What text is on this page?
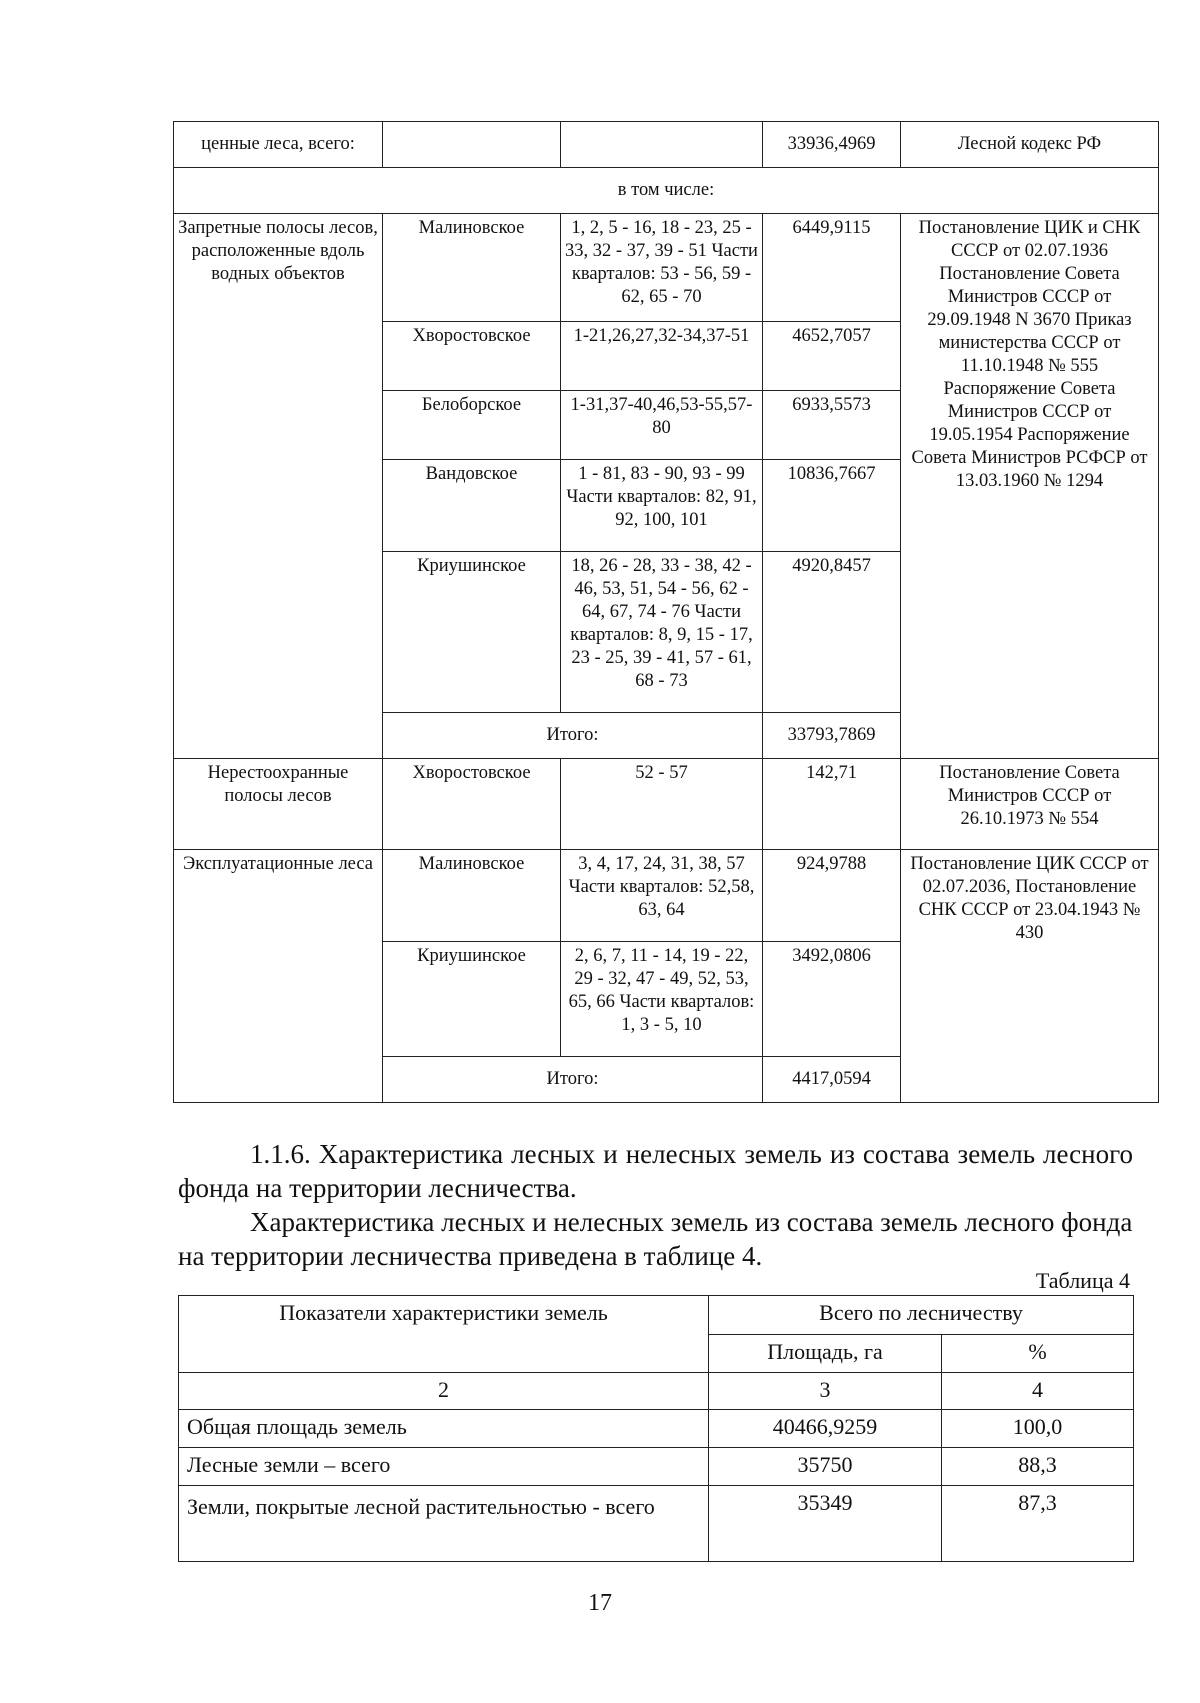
ценные леса, всего:			33936,4969	Лесной кодекс РФ
в том числе:				
Запретные полосы лесов, расположенные вдоль водных объектов	Малиновское	1, 2, 5 - 16, 18 - 23, 25 - 33, 32 - 37, 39 - 51 Части кварталов: 53 - 56, 59 - 62, 65 - 70	6449,9115	Постановление ЦИК и СНК СССР от 02.07.1936 Постановление Совета Министров СССР от 29.09.1948 N 3670 Приказ министерства СССР от 11.10.1948 № 555 Распоряжение Совета Министров СССР от 19.05.1954 Распоряжение Совета Министров РСФСР от 13.03.1960 № 1294
	Хворостовское	1-21,26,27,32-34,37-51	4652,7057	
	Белоборское	1-31,37-40,46,53-55,57- 80	6933,5573	
	Вандовское	1 - 81, 83 - 90, 93 - 99 Части кварталов: 82, 91, 92, 100, 101	10836,7667	
	Криушинское	18, 26 - 28, 33 - 38, 42 - 46, 53, 51, 54 - 56, 62 - 64, 67, 74 - 76 Части кварталов: 8, 9, 15 - 17, 23 - 25, 39 - 41, 57 - 61, 68 - 73	4920,8457	
	Итого:		33793,7869	
Нерестоохранные полосы лесов	Хворостовское	52 - 57	142,71	Постановление Совета Министров СССР от 26.10.1973 № 554
Эксплуатационные леса	Малиновское	3, 4, 17, 24, 31, 38, 57 Части кварталов: 52,58, 63, 64	924,9788	Постановление ЦИК СССР от 02.07.2036, Постановление СНК СССР от 23.04.1943 № 430
	Криушинское	2, 6, 7, 11 - 14, 19 - 22, 29 - 32, 47 - 49, 52, 53, 65, 66 Части кварталов: 1, 3 - 5, 10	3492,0806	
	Итого:		4417,0594	

1.1.6. Характеристика лесных и нелесных земель из состава земель лесного фонда на территории лесничества.

Характеристика лесных и нелесных земель из состава земель лесного фонда на территории лесничества приведена в таблице 4.

Таблица 4
Показатели характеристики земель	Всего по лесничеству	
	Площадь, га	%
2	3	4
Общая площадь земель	40466,9259	100,0
Лесные земли – всего	35750	88,3
Земли, покрытые лесной растительностью - всего	35349	87,3
17
